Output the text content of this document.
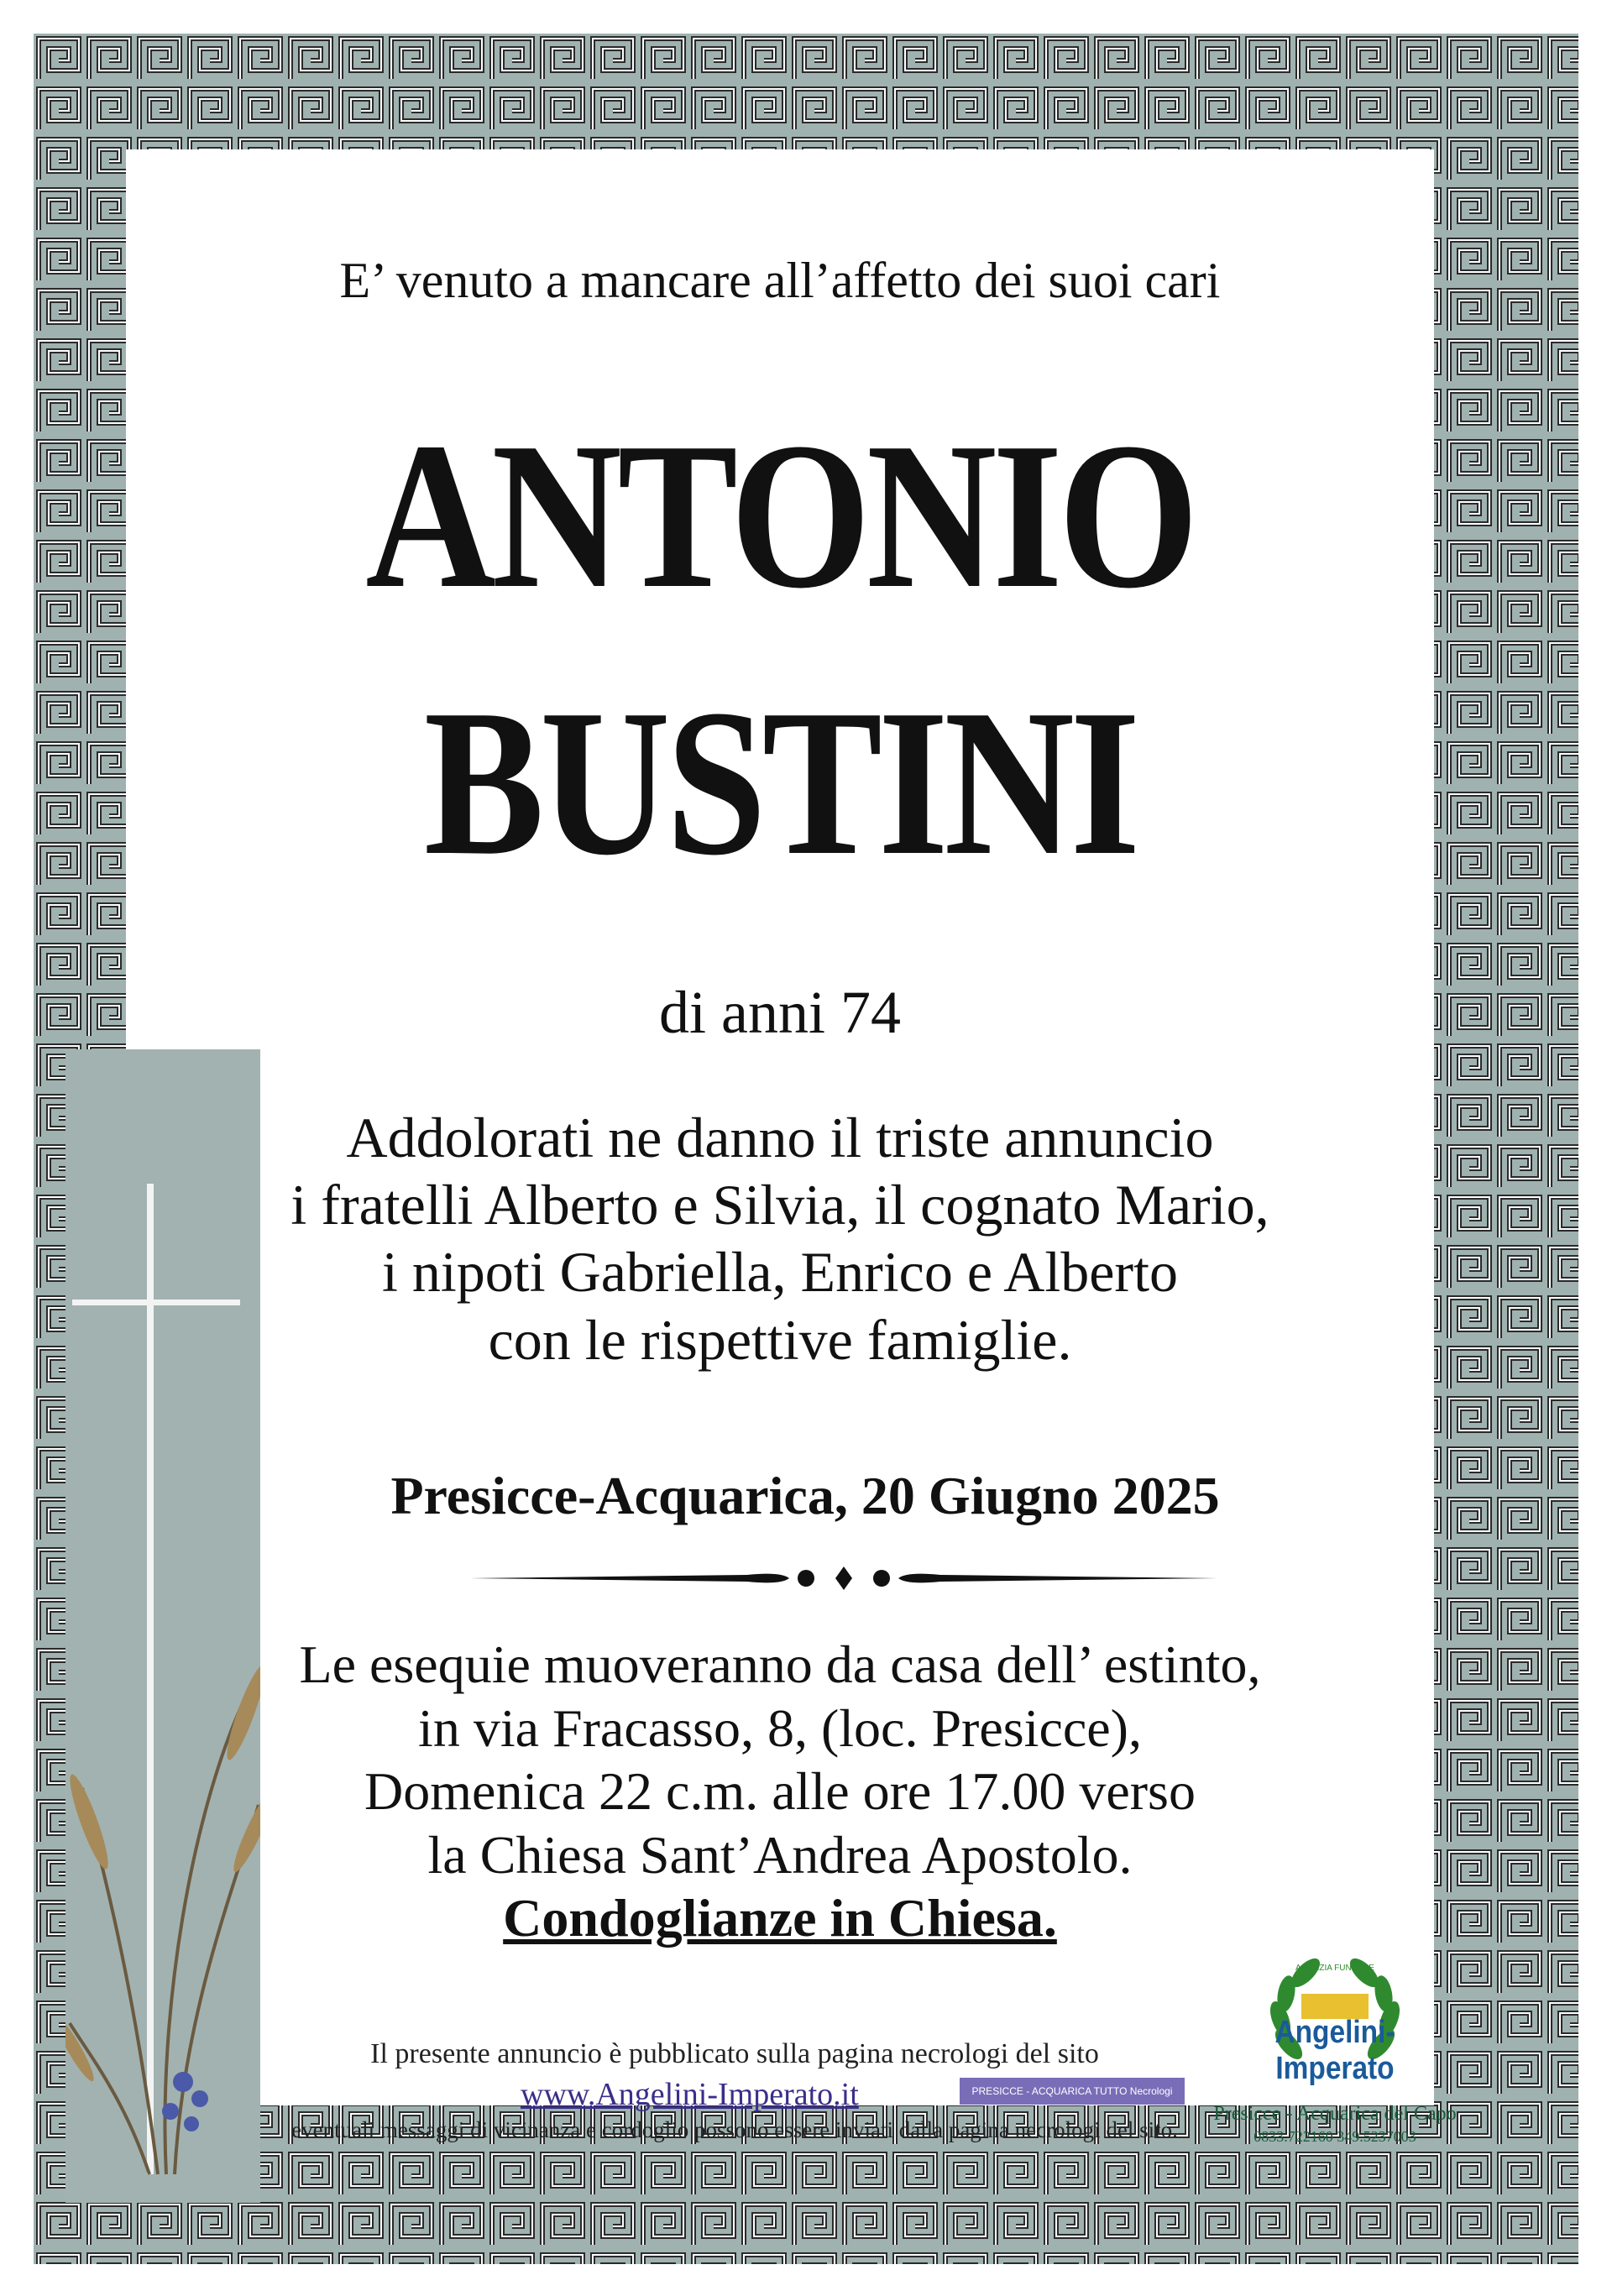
E’ venuto a mancare all’affetto dei suoi cari
ANTONIO
BUSTINI
di anni 74
Addolorati ne danno il triste annuncio
i fratelli Alberto e Silvia, il cognato Mario,
i nipoti Gabriella, Enrico e Alberto
con le rispettive famiglie.
Presicce-Acquarica, 20 Giugno 2025
Le esequie muoveranno da casa dell’ estinto,
in via Fracasso, 8, (loc. Presicce),
Domenica 22 c.m. alle ore 17.00 verso
la Chiesa Sant’Andrea Apostolo.
Condoglianze in Chiesa.
Il presente annuncio è pubblicato sulla pagina necrologi del sito
www.Angelini-Imperato.it
eventuali messaggi di vicinanza e cordoglio possono essere inviati dalla pagina necrologi del sito.
PRESICCE - ACQUARICA TUTTO Necrologi
AGENZIA FUNEBRE
Angelini-Imperato
Presicce - Acquarica del Capo
0833.722160 349.5237003
